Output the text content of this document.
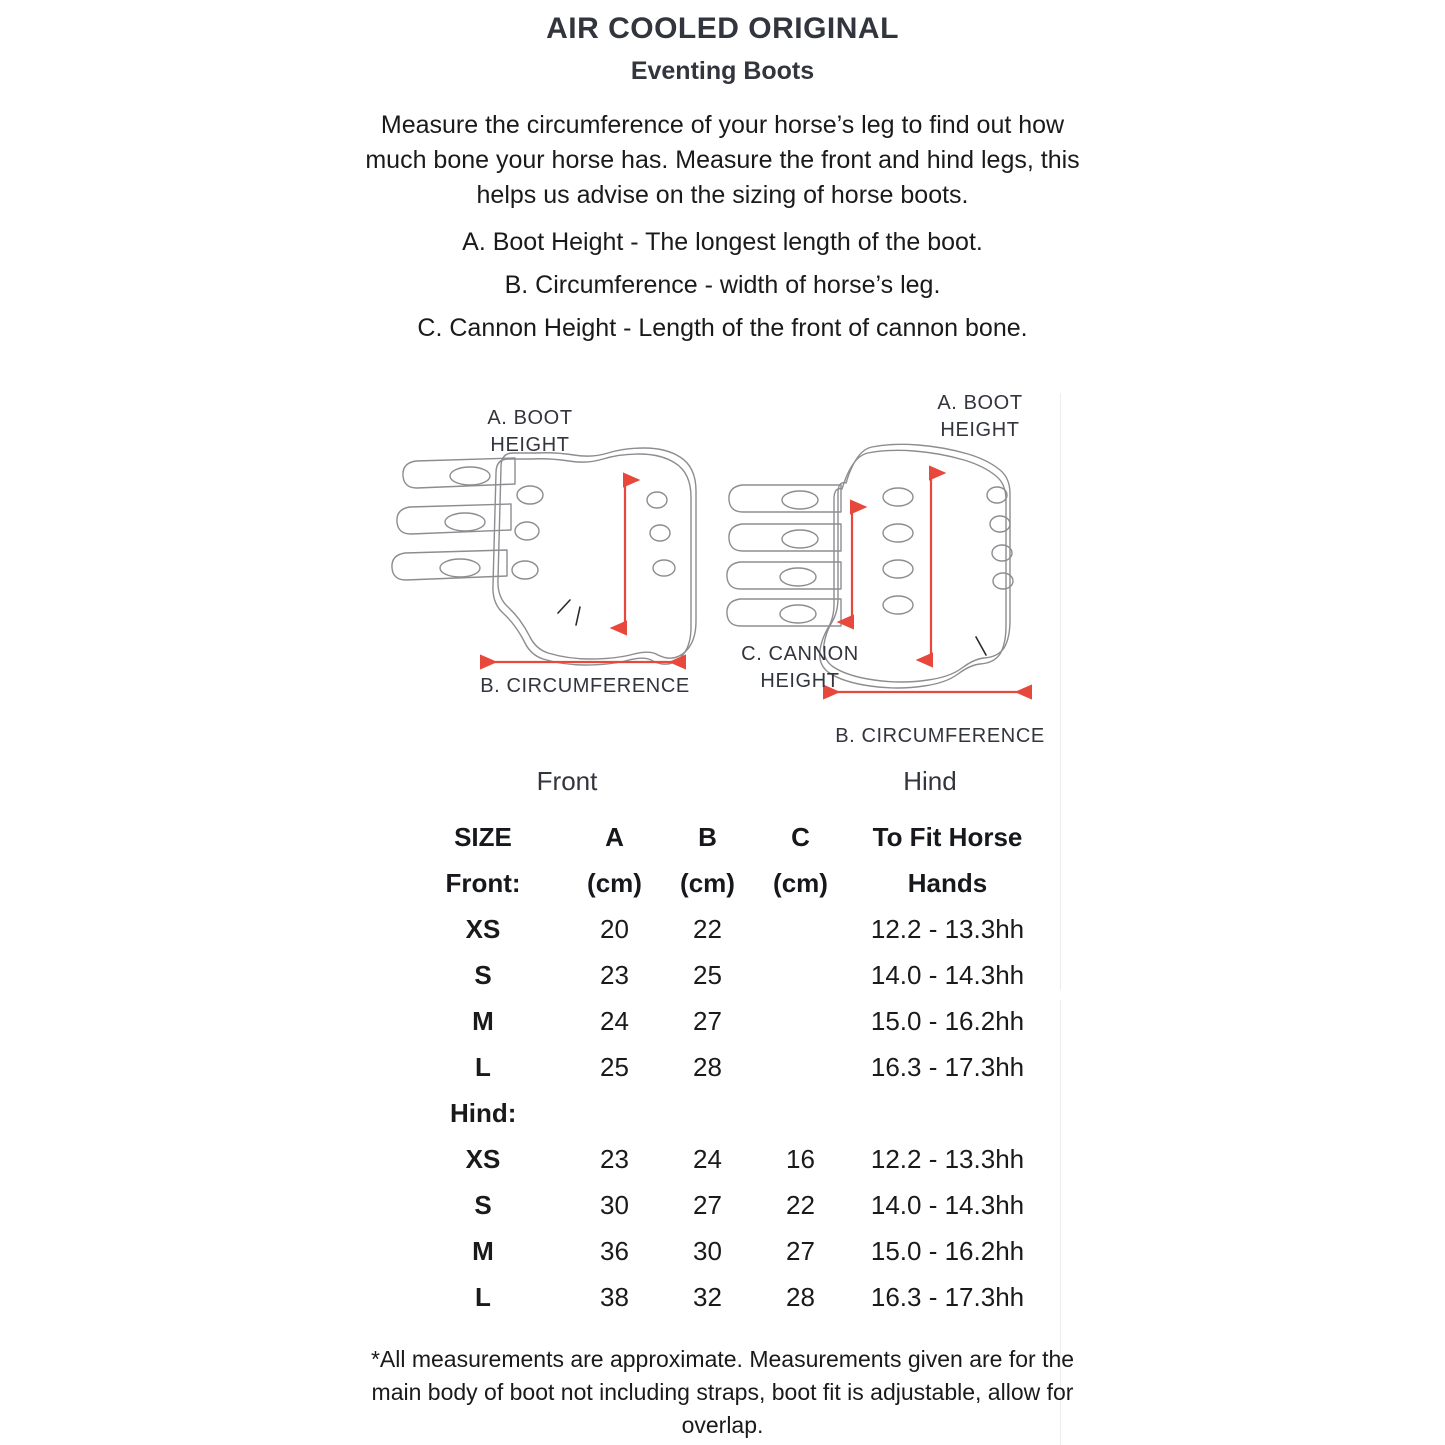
AIR COOLED ORIGINAL
Eventing Boots
Measure the circumference of your horse’s leg to find out how much bone your horse has. Measure the front and hind legs, this helps us advise on the sizing of horse boots.
A. Boot Height - The longest length of the boot.
B. Circumference - width of horse’s leg.
C. Cannon Height - Length of the front of cannon bone.
A. BOOT
HEIGHT
B. CIRCUMFERENCE
A. BOOT
HEIGHT
C. CANNON
HEIGHT
B. CIRCUMFERENCE
Front	Hind
SIZE	A	B	C	To Fit Horse
Front:	(cm)	(cm)	(cm)	Hands
XS	20	22		12.2 - 13.3hh
S	23	25		14.0 - 14.3hh
M	24	27		15.0 - 16.2hh
L	25	28		16.3 - 17.3hh
Hind:				
XS	23	24	16	12.2 - 13.3hh
S	30	27	22	14.0 - 14.3hh
M	36	30	27	15.0 - 16.2hh
L	38	32	28	16.3 - 17.3hh
*All measurements are approximate. Measurements given are for the main body of boot not including straps, boot fit is adjustable, allow for overlap.
